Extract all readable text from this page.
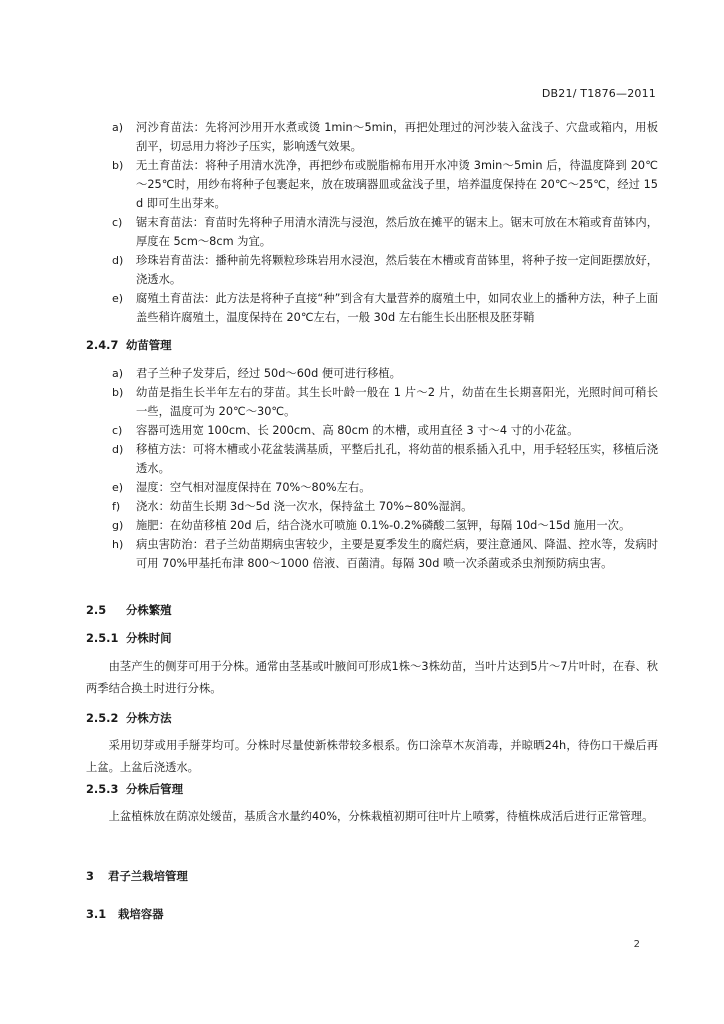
DB21/ T1876—2011

a) 河沙育苗法：先将河沙用开水煮或烫 1min～5min，再把处理过的河沙装入盆浅子、穴盘或箱内，用板刮平，切忌用力将沙子压实，影响透气效果。

b) 无土育苗法：将种子用清水洗净，再把纱布或脱脂棉布用开水冲烫 3min～5min 后，待温度降到 20℃～25℃时，用纱布将种子包裹起来，放在玻璃器皿或盆浅子里，培养温度保持在 20℃～25℃，经过 15d 即可生出芽来。

c) 锯末育苗法：育苗时先将种子用清水清洗与浸泡，然后放在摊平的锯末上。锯末可放在木箱或育苗钵内，厚度在 5cm～8cm 为宜。

d) 珍珠岩育苗法：播种前先将颗粒珍珠岩用水浸泡，然后装在木槽或育苗钵里，将种子按一定间距摆放好，浇透水。

e) 腐殖土育苗法：此方法是将种子直接“种”到含有大量营养的腐殖土中，如同农业上的播种方法，种子上面盖些稍许腐殖土，温度保持在 20℃左右，一般 30d 左右能生长出胚根及胚芽鞘

2.4.7 幼苗管理

a) 君子兰种子发芽后，经过 50d～60d 便可进行移植。

b) 幼苗是指生长半年左右的芽苗。其生长叶龄一般在 1 片～2 片，幼苗在生长期喜阳光，光照时间可稍长一些，温度可为 20℃～30℃。

c) 容器可选用宽 100cm、长 200cm、高 80cm 的木槽，或用直径 3 寸～4 寸的小花盆。

d) 移植方法：可将木槽或小花盆装满基质，平整后扎孔，将幼苗的根系插入孔中，用手轻轻压实，移植后浇透水。

e) 湿度：空气相对湿度保持在 70%～80%左右。

f) 浇水：幼苗生长期 3d～5d 浇一次水，保持盆土 70%~80%湿润。

g) 施肥：在幼苗移植 20d 后，结合浇水可喷施 0.1%-0.2%磷酸二氢钾，每隔 10d～15d 施用一次。

h) 病虫害防治：君子兰幼苗期病虫害较少，主要是夏季发生的腐烂病，要注意通风、降温、控水等，发病时可用 70%甲基托布津 800～1000 倍液、百菌清。每隔 30d 喷一次杀菌或杀虫剂预防病虫害。

2.5 分株繁殖
2.5.1 分株时间

由茎产生的侧芽可用于分株。通常由茎基或叶腋间可形成1株～3株幼苗，当叶片达到5片～7片叶时，在春、秋两季结合换土时进行分株。

2.5.2 分株方法

采用切芽或用手掰芽均可。分株时尽量使新株带较多根系。伤口涂草木灰消毒，并晾晒24h，待伤口干燥后再上盆。上盆后浇透水。

2.5.3 分株后管理

上盆植株放在荫凉处缓苗，基质含水量约40%，分株栽植初期可往叶片上喷雾，待植株成活后进行正常管理。

3 君子兰栽培管理
3.1 栽培容器
2
